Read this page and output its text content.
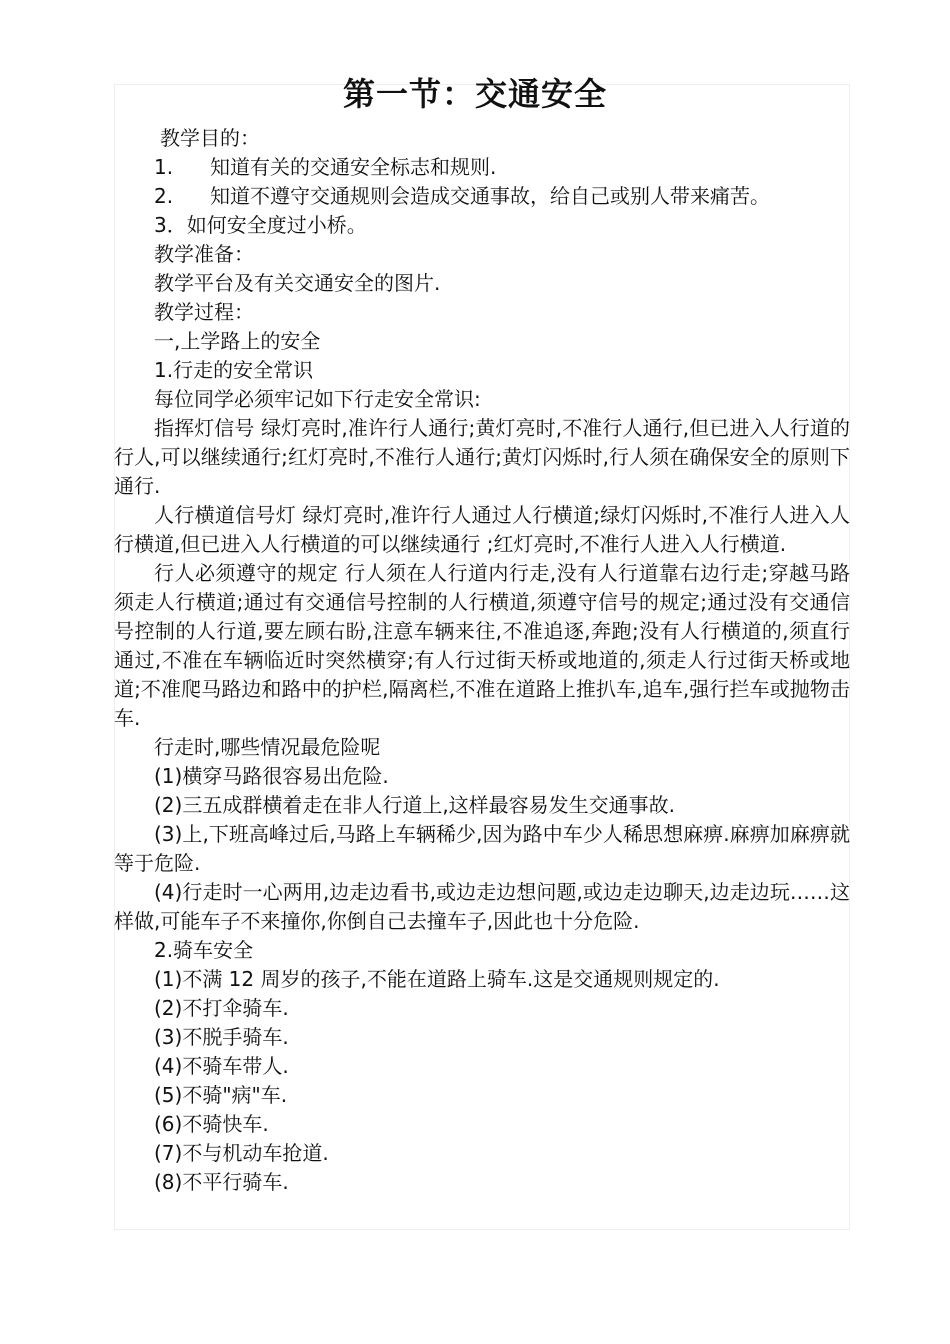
第一节：交通安全

教学目的：

1. 知道有关的交通安全标志和规则.

2. 知道不遵守交通规则会造成交通事故，给自己或别人带来痛苦。

3．如何安全度过小桥。

教学准备：

教学平台及有关交通安全的图片.

教学过程：

一,上学路上的安全

1.行走的安全常识

每位同学必须牢记如下行走安全常识:

指挥灯信号 绿灯亮时,准许行人通行;黄灯亮时,不准行人通行,但已进入人行道的行人,可以继续通行;红灯亮时,不准行人通行;黄灯闪烁时,行人须在确保安全的原则下通行.

人行横道信号灯 绿灯亮时,准许行人通过人行横道;绿灯闪烁时,不准行人进入人行横道,但已进入人行横道的可以继续通行 ;红灯亮时,不准行人进入人行横道.

行人必须遵守的规定 行人须在人行道内行走,没有人行道靠右边行走;穿越马路须走人行横道;通过有交通信号控制的人行横道,须遵守信号的规定;通过没有交通信号控制的人行道,要左顾右盼,注意车辆来往,不准追逐,奔跑;没有人行横道的,须直行通过,不准在车辆临近时突然横穿;有人行过街天桥或地道的,须走人行过街天桥或地道;不准爬马路边和路中的护栏,隔离栏,不准在道路上推扒车,追车,强行拦车或抛物击车.

行走时,哪些情况最危险呢

(1)横穿马路很容易出危险.

(2)三五成群横着走在非人行道上,这样最容易发生交通事故.

(3)上,下班高峰过后,马路上车辆稀少,因为路中车少人稀思想麻痹.麻痹加麻痹就等于危险.

(4)行走时一心两用,边走边看书,或边走边想问题,或边走边聊天,边走边玩……这样做,可能车子不来撞你,你倒自己去撞车子,因此也十分危险.

2.骑车安全

(1)不满 12 周岁的孩子,不能在道路上骑车.这是交通规则规定的.

(2)不打伞骑车.

(3)不脱手骑车.

(4)不骑车带人.

(5)不骑"病"车.

(6)不骑快车.

(7)不与机动车抢道.

(8)不平行骑车.
